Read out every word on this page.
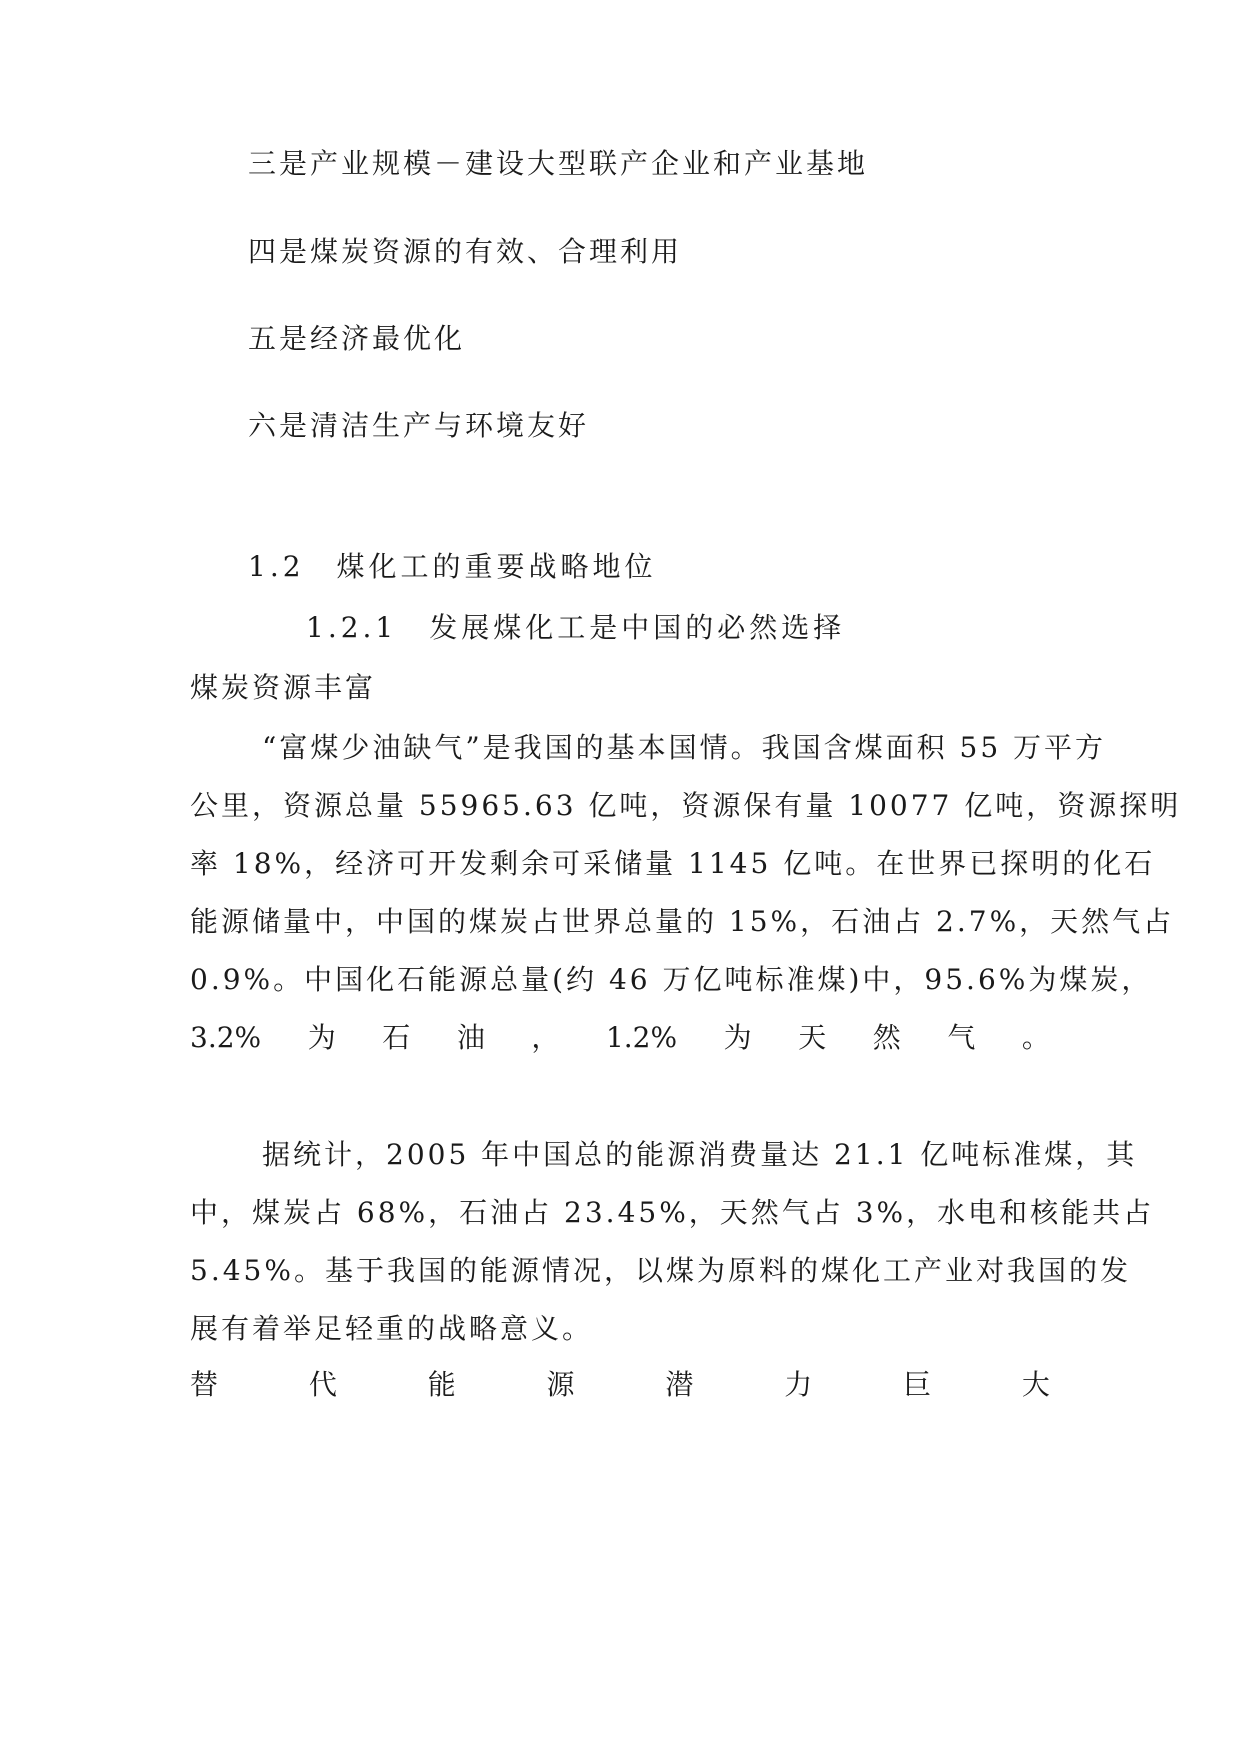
三是产业规模－建设大型联产企业和产业基地
四是煤炭资源的有效、合理利用
五是经济最优化
六是清洁生产与环境友好
1.2　煤化工的重要战略地位
1.2.1　发展煤化工是中国的必然选择
煤炭资源丰富
“富煤少油缺气”是我国的基本国情。我国含煤面积 55 万平方
公里，资源总量 55965.63 亿吨，资源保有量 10077 亿吨，资源探明
率 18%，经济可开发剩余可采储量 1145 亿吨。在世界已探明的化石
能源储量中，中国的煤炭占世界总量的 15%，石油占 2.7%，天然气占
0.9%。中国化石能源总量(约 46 万亿吨标准煤)中，95.6%为煤炭，
3.2% 为 石 油 ， 1.2% 为 天 然 气 。
据统计，2005 年中国总的能源消费量达 21.1 亿吨标准煤，其
中，煤炭占 68%，石油占 23.45%，天然气占 3%，水电和核能共占
5.45%。基于我国的能源情况，以煤为原料的煤化工产业对我国的发
展有着举足轻重的战略意义。
替	代	能	源	潜	力	巨	大
